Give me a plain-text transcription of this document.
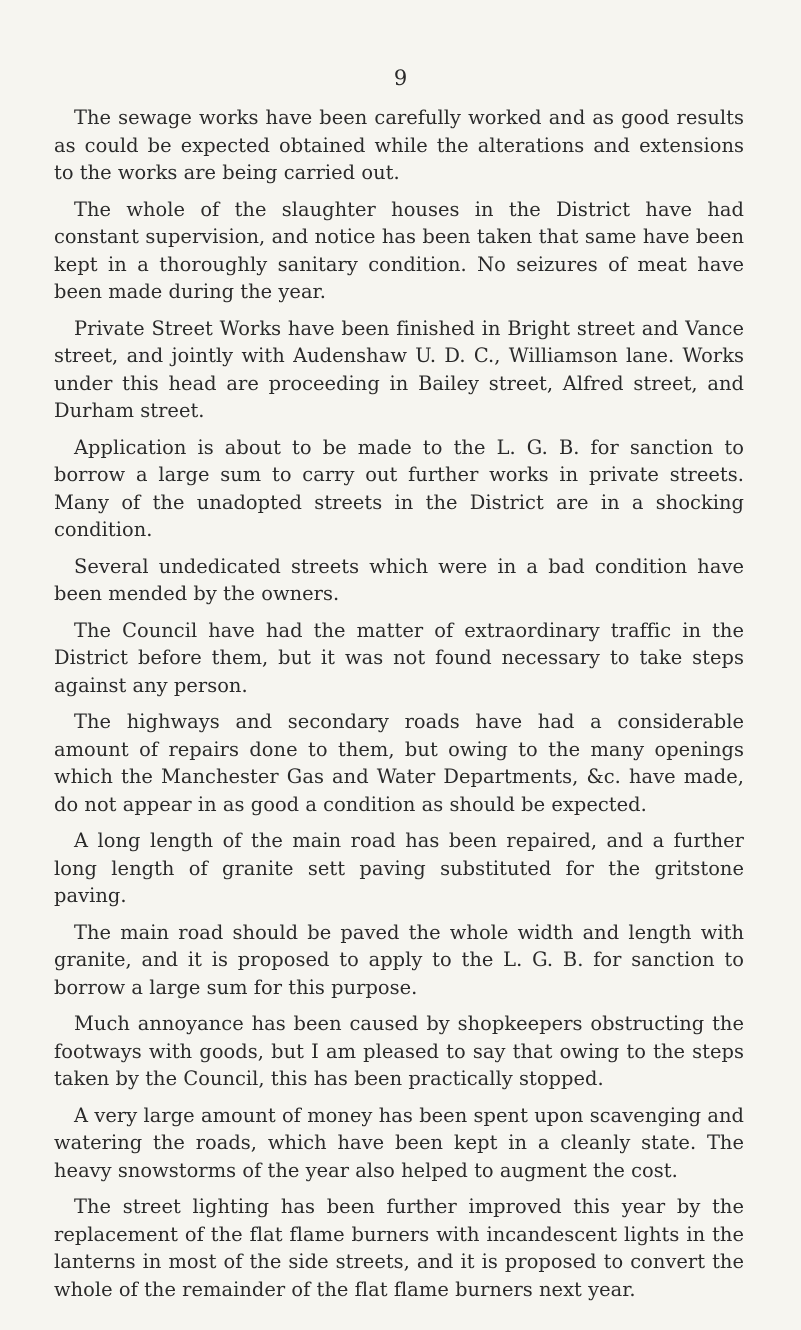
9

The sewage works have been carefully worked and as good results as could be expected obtained while the alterations and extensions to the works are being carried out.

The whole of the slaughter houses in the District have had constant supervision, and notice has been taken that same have been kept in a thoroughly sanitary condition. No seizures of meat have been made during the year.

Private Street Works have been finished in Bright street and Vance street, and jointly with Audenshaw U. D. C., Williamson lane. Works under this head are proceeding in Bailey street, Alfred street, and Durham street.

Application is about to be made to the L. G. B. for sanction to borrow a large sum to carry out further works in private streets. Many of the unadopted streets in the District are in a shocking condition.

Several undedicated streets which were in a bad condition have been mended by the owners.

The Council have had the matter of extraordinary traffic in the District before them, but it was not found necessary to take steps against any person.

The highways and secondary roads have had a considerable amount of repairs done to them, but owing to the many openings which the Manchester Gas and Water Departments, &c. have made, do not appear in as good a condition as should be expected.

A long length of the main road has been repaired, and a further long length of granite sett paving substituted for the gritstone paving.

The main road should be paved the whole width and length with granite, and it is proposed to apply to the L. G. B. for sanction to borrow a large sum for this purpose.

Much annoyance has been caused by shopkeepers obstructing the footways with goods, but I am pleased to say that owing to the steps taken by the Council, this has been practically stopped.

A very large amount of money has been spent upon scavenging and watering the roads, which have been kept in a cleanly state. The heavy snowstorms of the year also helped to augment the cost.

The street lighting has been further improved this year by the replacement of the flat flame burners with incandescent lights in the lanterns in most of the side streets, and it is proposed to convert the whole of the remainder of the flat flame burners next year.
